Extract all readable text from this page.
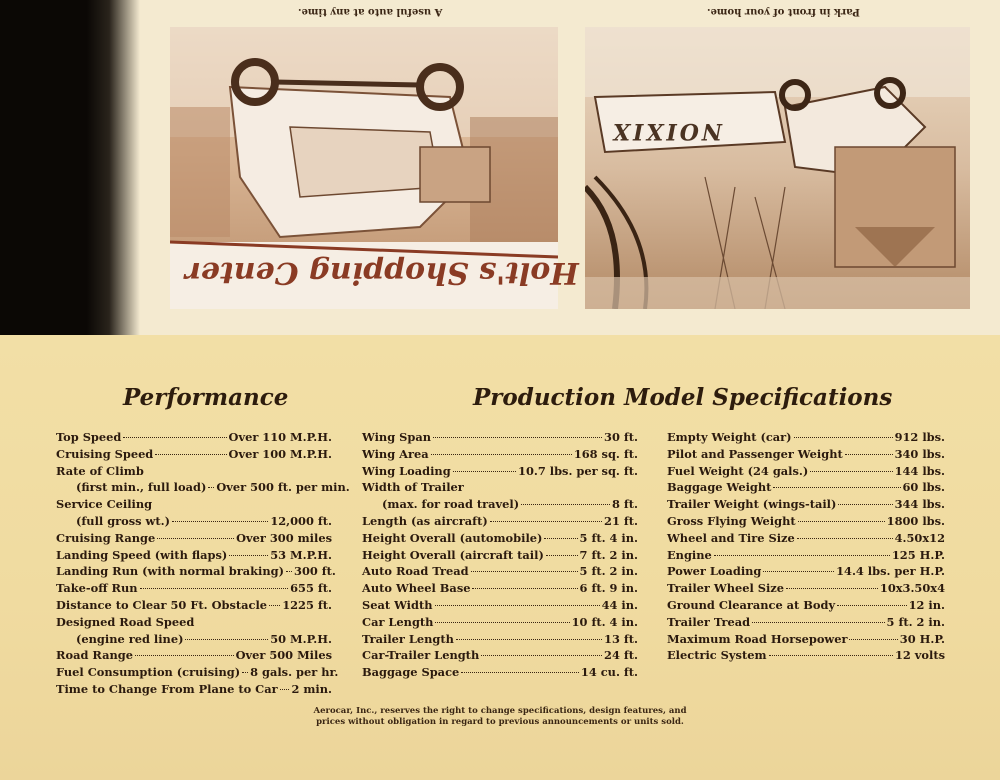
A useful auto at any time.	Park in front of your home.
Holt's Shopping Center
NOIXIX
Performance	Production Model Specifications
Top Speed	Over 110 M.P.H.
Cruising Speed	Over 100 M.P.H.
Rate of Climb
(first min., full load) Over 500 ft. per min.
Service Ceiling
(full gross wt.)	12,000 ft.
Cruising Range	Over 300 miles
Landing Speed (with flaps)	53 M.P.H.
Landing Run (with normal braking) 300 ft.
Take-off Run	655 ft.
Distance to Clear 50 Ft. Obstacle 1225 ft.
Designed Road Speed
(engine red line)	50 M.P.H.
Road Range	Over 500 Miles
Fuel Consumption (cruising) 8 gals. per hr.
Time to Change From Plane to Car 2 min.
Wing Span	30 ft.
Wing Area	168 sq. ft.
Wing Loading	10.7 lbs. per sq. ft.
Width of Trailer
(max. for road travel)	8 ft.
Length (as aircraft)	21 ft.
Height Overall (automobile)	5 ft. 4 in.
Height Overall (aircraft tail)	7 ft. 2 in.
Auto Road Tread	5 ft. 2 in.
Auto Wheel Base	6 ft. 9 in.
Seat Width	44 in.
Car Length	10 ft. 4 in.
Trailer Length	13 ft.
Car-Trailer Length	24 ft.
Baggage Space	14 cu. ft.
Empty Weight (car)	912 lbs.
Pilot and Passenger Weight	340 lbs.
Fuel Weight (24 gals.)	144 lbs.
Baggage Weight	60 lbs.
Trailer Weight (wings-tail)	344 lbs.
Gross Flying Weight	1800 lbs.
Wheel and Tire Size	4.50x12
Engine	125 H.P.
Power Loading	14.4 lbs. per H.P.
Trailer Wheel Size	10x3.50x4
Ground Clearance at Body	12 in.
Trailer Tread	5 ft. 2 in.
Maximum Road Horsepower	30 H.P.
Electric System	12 volts
Aerocar, Inc., reserves the right to change specifications, design features, and
prices without obligation in regard to previous announcements or units sold.
